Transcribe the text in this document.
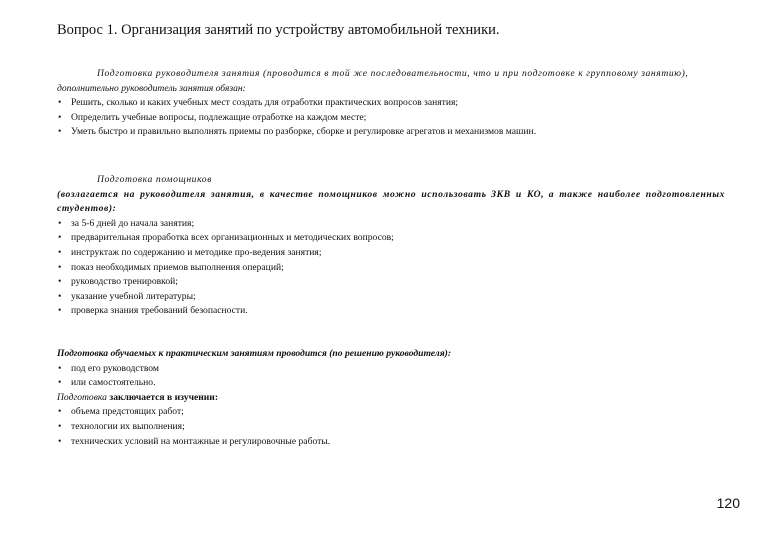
Вопрос 1. Организация занятий по устройству автомобильной техники.

Подготовка руководителя занятия (проводится в той же последовательности, что и при подготовке к групповому занятию),

дополнительно руководитель занятия обязан:

• Решить, сколько и каких учебных мест создать для отработки практических вопросов занятия;
• Определить учебные вопросы, подлежащие отработке на каждом месте;
• Уметь быстро и правильно выполнять приемы по разборке, сборке и регулировке агрегатов и механизмов машин.

Подготовка помощников

(возлагается на руководителя занятия, в качестве помощников можно использовать ЗКВ и КО, а также наиболее подготовленных студентов):

• за 5-6 дней до начала занятия;
• предварительная проработка всех организационных и методических вопросов;
• инструктаж по содержанию и методике про-ведения занятия;
• показ необходимых приемов выполнения операций;
• руководство тренировкой;
• указание учебной литературы;
• проверка знания требований безопасности.

Подготовка обучаемых к практическим занятиям проводится (по решению руководителя):

• под его руководством
• или самостоятельно.

Подготовка заключается в изучении:

• объема предстоящих работ;
• технологии их выполнения;
• технических условий на монтажные и регулировочные работы.
120
